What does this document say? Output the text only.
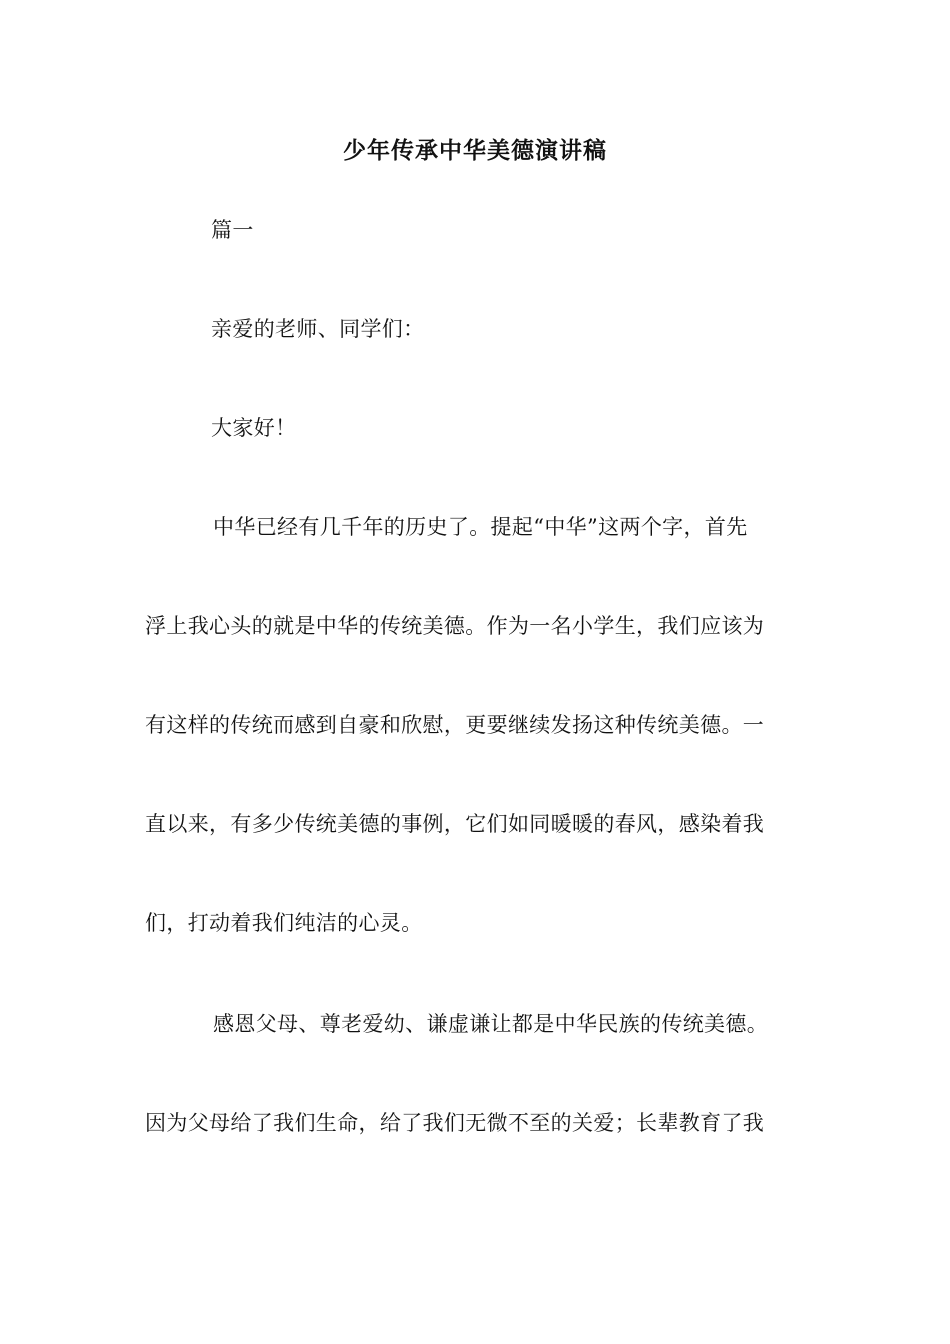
少年传承中华美德演讲稿
篇一
亲爱的老师、同学们：
大家好！
中华已经有几千年的历史了。提起“中华”这两个字，首先
浮上我心头的就是中华的传统美德。作为一名小学生，我们应该为
有这样的传统而感到自豪和欣慰，更要继续发扬这种传统美德。一
直以来，有多少传统美德的事例，它们如同暖暖的春风，感染着我
们，打动着我们纯洁的心灵。
感恩父母、尊老爱幼、谦虚谦让都是中华民族的传统美德。
因为父母给了我们生命，给了我们无微不至的关爱；长辈教育了我
